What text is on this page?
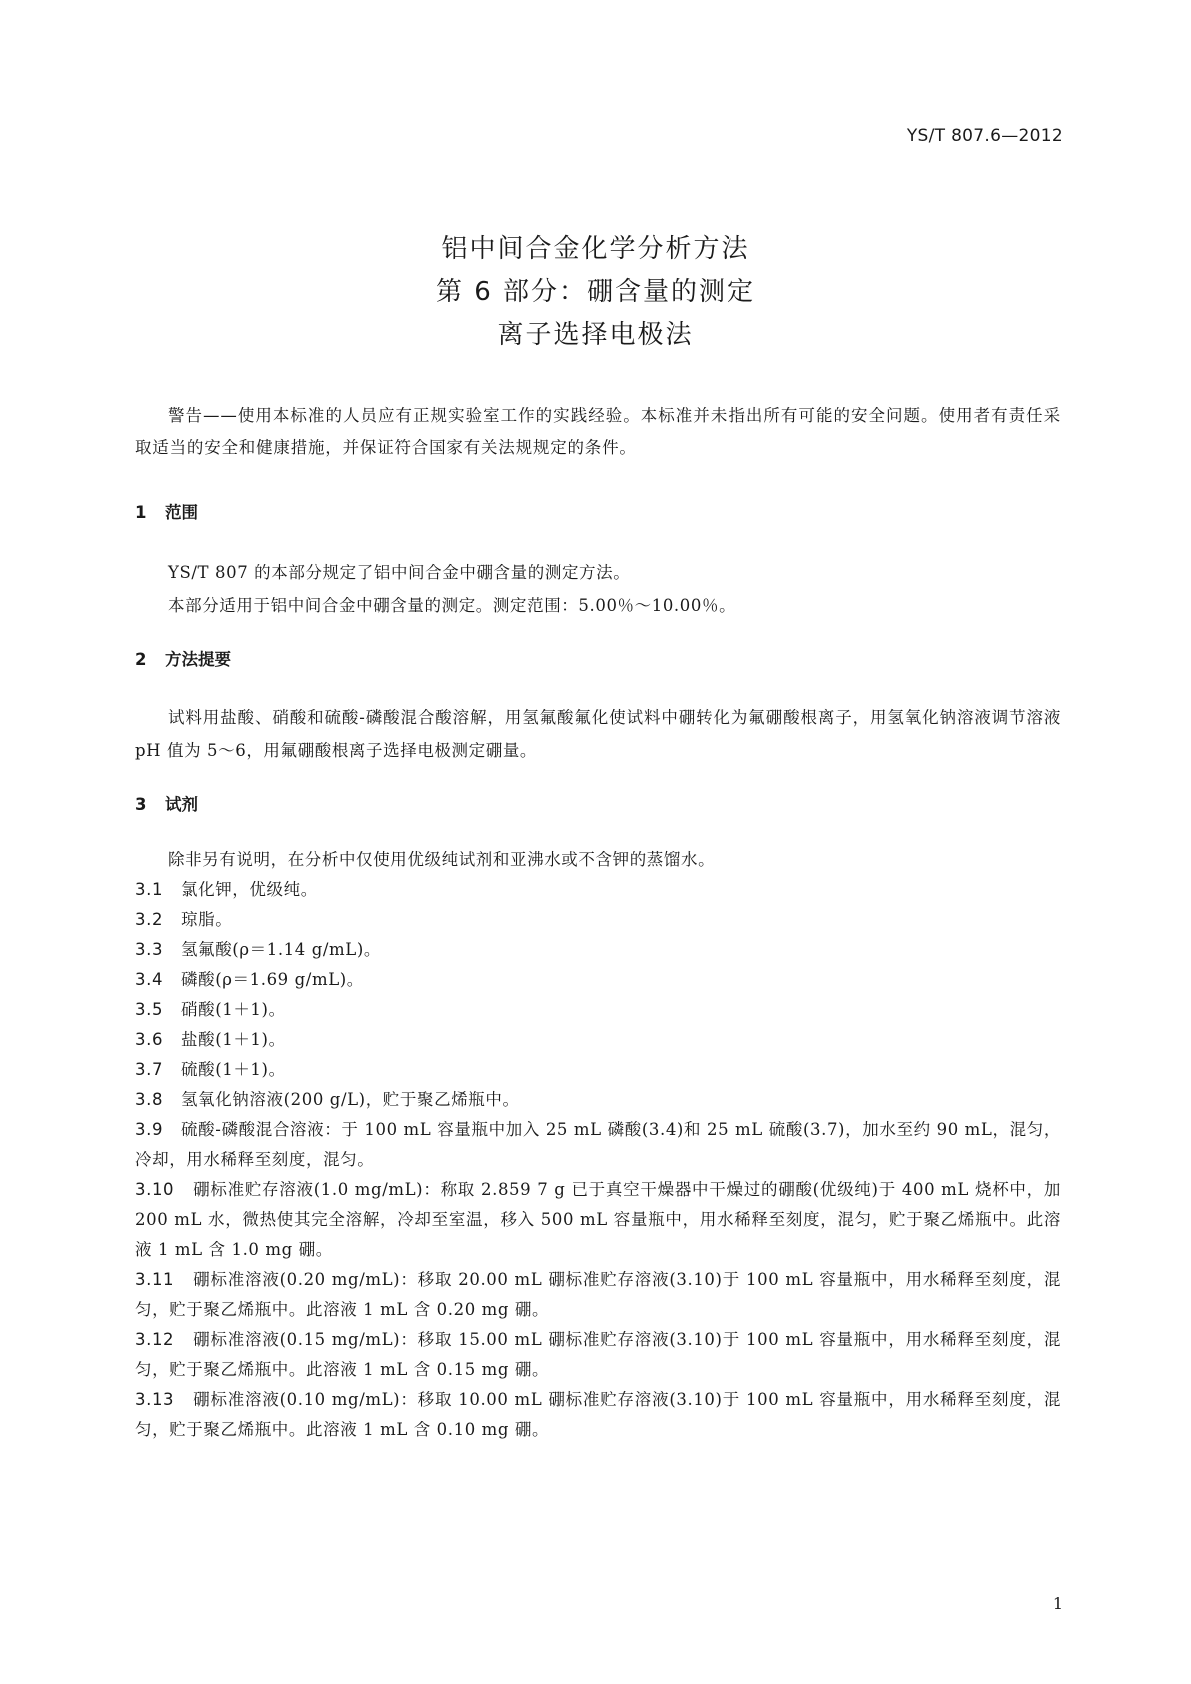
YS/T 807.6—2012
铝中间合金化学分析方法
第 6 部分：硼含量的测定
离子选择电极法

警告——使用本标准的人员应有正规实验室工作的实践经验。本标准并未指出所有可能的安全问题。使用者有责任采取适当的安全和健康措施，并保证符合国家有关法规规定的条件。

1 范围

YS/T 807 的本部分规定了铝中间合金中硼含量的测定方法。

本部分适用于铝中间合金中硼含量的测定。测定范围：5.00％～10.00％。

2 方法提要

试料用盐酸、硝酸和硫酸-磷酸混合酸溶解，用氢氟酸氟化使试料中硼转化为氟硼酸根离子，用氢氧化钠溶液调节溶液 pH 值为 5～6，用氟硼酸根离子选择电极测定硼量。

3 试剂

除非另有说明，在分析中仅使用优级纯试剂和亚沸水或不含钾的蒸馏水。

3.1 氯化钾，优级纯。

3.2 琼脂。

3.3 氢氟酸(ρ＝1.14 g/mL)。

3.4 磷酸(ρ＝1.69 g/mL)。

3.5 硝酸(1＋1)。

3.6 盐酸(1＋1)。

3.7 硫酸(1＋1)。

3.8 氢氧化钠溶液(200 g/L)，贮于聚乙烯瓶中。

3.9 硫酸-磷酸混合溶液：于 100 mL 容量瓶中加入 25 mL 磷酸(3.4)和 25 mL 硫酸(3.7)，加水至约 90 mL，混匀，冷却，用水稀释至刻度，混匀。

3.10 硼标准贮存溶液(1.0 mg/mL)：称取 2.859 7 g 已于真空干燥器中干燥过的硼酸(优级纯)于 400 mL 烧杯中，加 200 mL 水，微热使其完全溶解，冷却至室温，移入 500 mL 容量瓶中，用水稀释至刻度，混匀，贮于聚乙烯瓶中。此溶液 1 mL 含 1.0 mg 硼。

3.11 硼标准溶液(0.20 mg/mL)：移取 20.00 mL 硼标准贮存溶液(3.10)于 100 mL 容量瓶中，用水稀释至刻度，混匀，贮于聚乙烯瓶中。此溶液 1 mL 含 0.20 mg 硼。

3.12 硼标准溶液(0.15 mg/mL)：移取 15.00 mL 硼标准贮存溶液(3.10)于 100 mL 容量瓶中，用水稀释至刻度，混匀，贮于聚乙烯瓶中。此溶液 1 mL 含 0.15 mg 硼。

3.13 硼标准溶液(0.10 mg/mL)：移取 10.00 mL 硼标准贮存溶液(3.10)于 100 mL 容量瓶中，用水稀释至刻度，混匀，贮于聚乙烯瓶中。此溶液 1 mL 含 0.10 mg 硼。

1
